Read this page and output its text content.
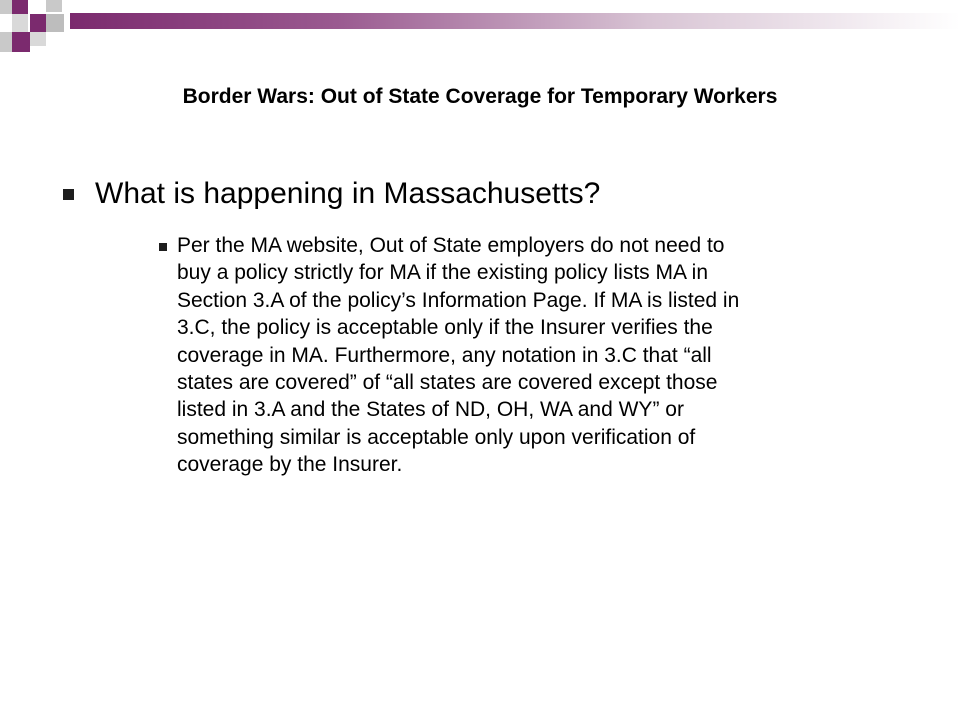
Border Wars: Out of State Coverage for Temporary Workers
What is happening in Massachusetts?
Per the MA website, Out of State employers do not need to
buy a policy strictly for MA if the existing policy lists MA in
Section 3.A of the policy’s Information Page. If MA is listed in
3.C, the policy is acceptable only if the Insurer verifies the
coverage in MA. Furthermore, any notation in 3.C that “all
states are covered” of “all states are covered except those
listed in 3.A and the States of ND, OH, WA and WY” or
something similar is acceptable only upon verification of
coverage by the Insurer.
